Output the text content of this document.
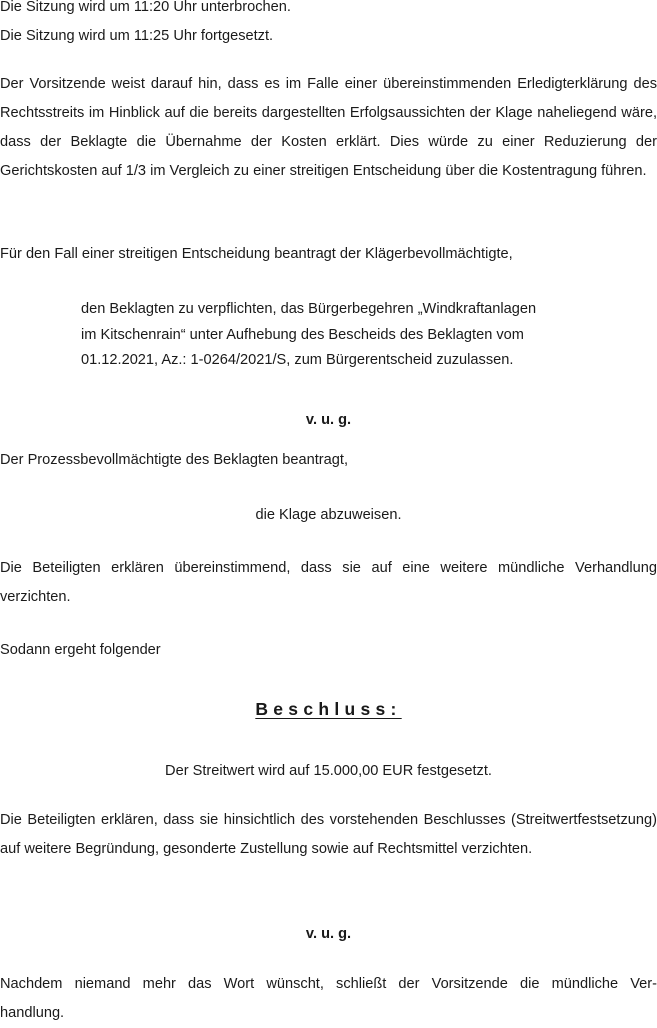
Die Sitzung wird um 11:20 Uhr unterbrochen.
Die Sitzung wird um 11:25 Uhr fortgesetzt.

Der Vorsitzende weist darauf hin, dass es im Falle einer übereinstimmenden Erledigterklärung des Rechtsstreits im Hinblick auf die bereits dargestellten Erfolgsaussichten der Klage naheliegend wäre, dass der Beklagte die Übernahme der Kosten erklärt. Dies würde zu einer Reduzierung der Gerichtskosten auf 1/3 im Vergleich zu einer streitigen Entscheidung über die Kostentragung führen.

Für den Fall einer streitigen Entscheidung beantragt der Klägerbevollmächtigte,

den Beklagten zu verpflichten, das Bürgerbegehren „Windkraftanlagen
im Kitschenrain“ unter Aufhebung des Bescheids des Beklagten vom
01.12.2021, Az.: 1-0264/2021/S, zum Bürgerentscheid zuzulassen.

v. u. g.

Der Prozessbevollmächtigte des Beklagten beantragt,

die Klage abzuweisen.

Die Beteiligten erklären übereinstimmend, dass sie auf eine weitere mündliche Verhandlung verzichten.

Sodann ergeht folgender

Beschluss:

Der Streitwert wird auf 15.000,00 EUR festgesetzt.

Die Beteiligten erklären, dass sie hinsichtlich des vorstehenden Beschlusses (Streitwertfestsetzung) auf weitere Begründung, gesonderte Zustellung sowie auf Rechtsmittel verzichten.

v. u. g.

Nachdem niemand mehr das Wort wünscht, schließt der Vorsitzende die mündliche Ver-
handlung.
